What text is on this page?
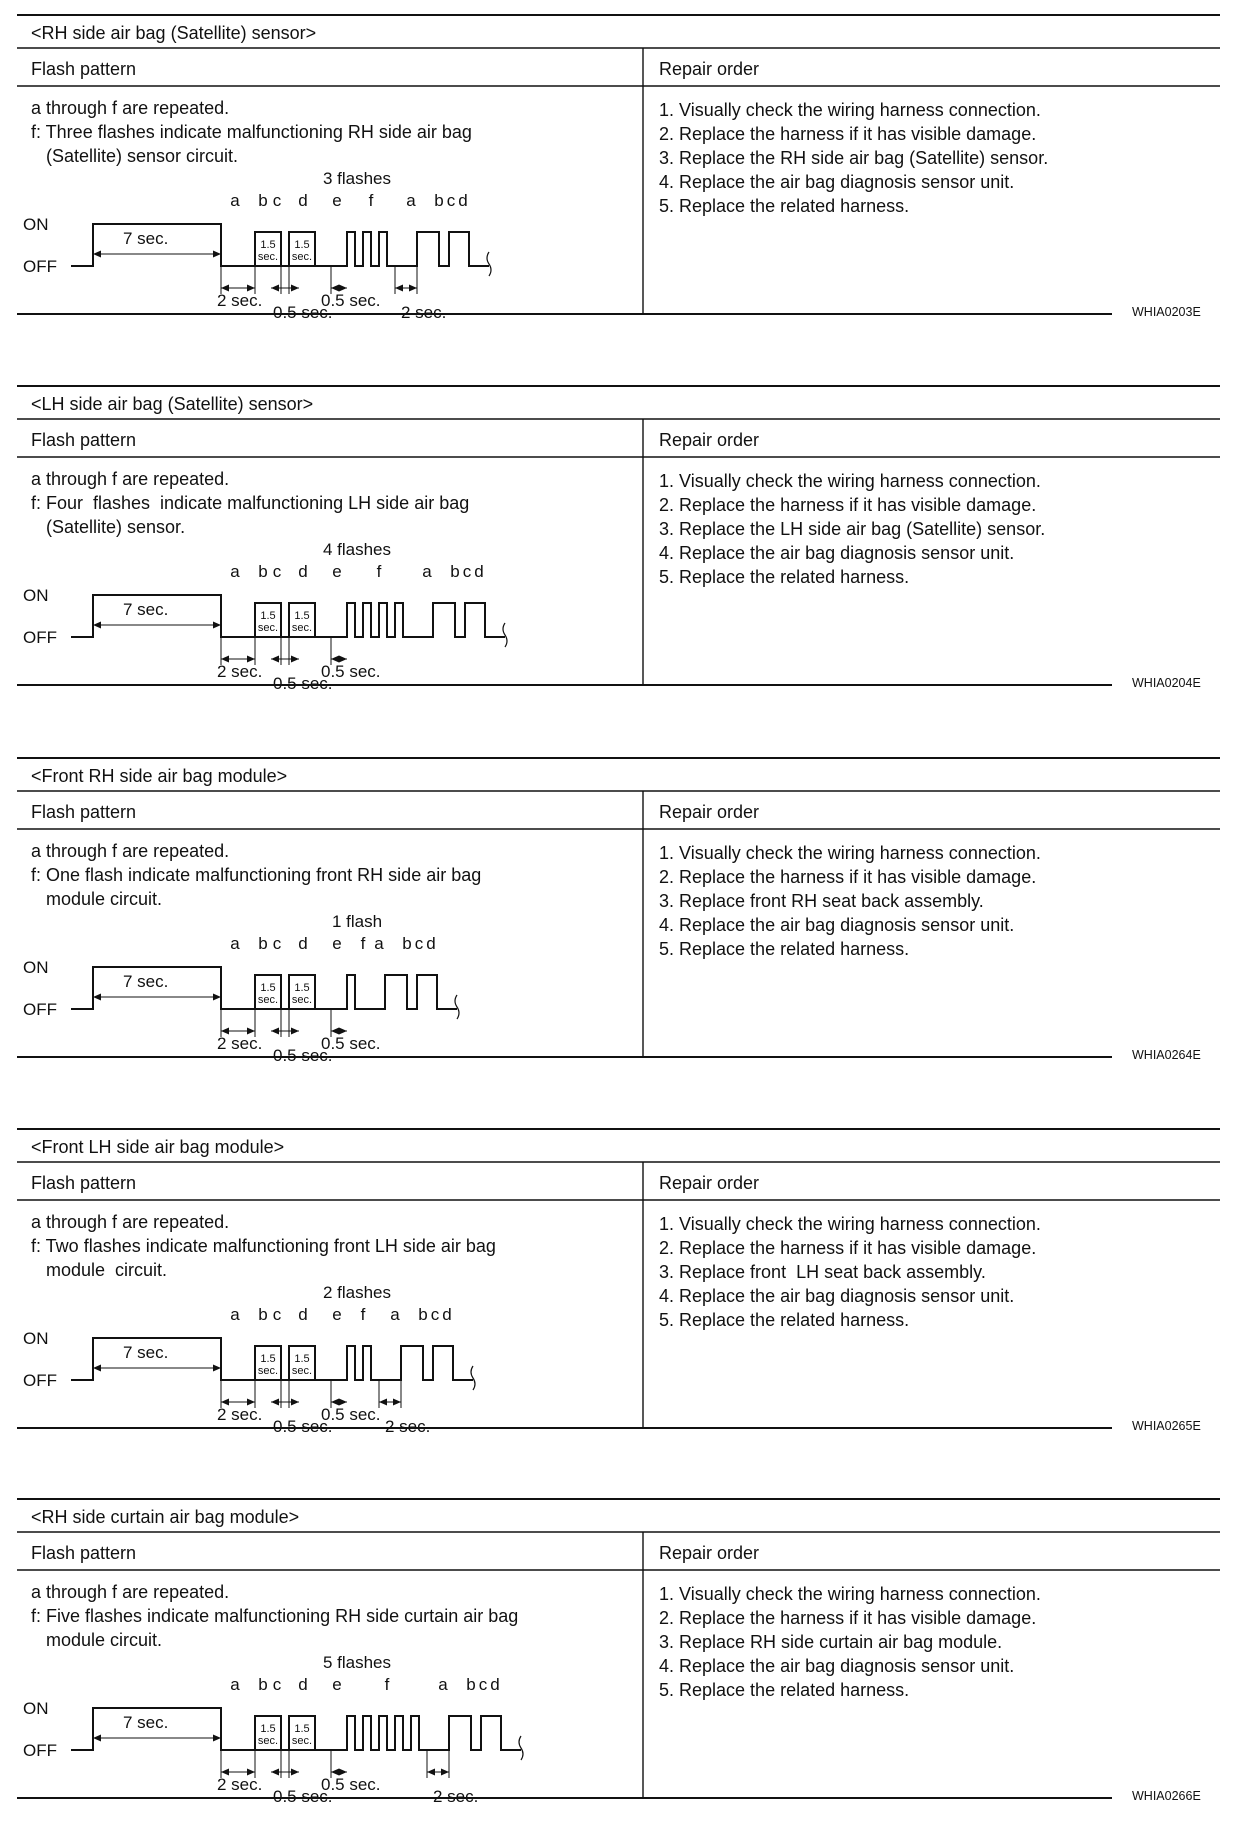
ON
OFF
1.5
sec.
1.5
sec.
3 flashes
a b c d e f a b c d
7 sec.
2 sec.
0.5 sec.
0.5 sec.
2 sec.
<RH side air bag (Satellite) sensor>
Flash pattern	Repair order
a through f are repeated.
f: Three flashes indicate malfunctioning RH side air bag
(Satellite) sensor circuit.
1. Visually check the wiring harness connection.
2. Replace the harness if it has visible damage.
3. Replace the RH side air bag (Satellite) sensor.
4. Replace the air bag diagnosis sensor unit.
5. Replace the related harness.
WHIA0203E
ON
OFF
1.5
sec.
1.5
sec.
4 flashes
a b c d e f a b c d
7 sec.
2 sec.
0.5 sec.
0.5 sec.
<LH side air bag (Satellite) sensor>
Flash pattern	Repair order
a through f are repeated.
f: Four  flashes  indicate malfunctioning LH side air bag
(Satellite) sensor.
1. Visually check the wiring harness connection.
2. Replace the harness if it has visible damage.
3. Replace the LH side air bag (Satellite) sensor.
4. Replace the air bag diagnosis sensor unit.
5. Replace the related harness.
WHIA0204E
ON
OFF
1.5
sec.
1.5
sec.
1 flash
a b c d e f a b c d
7 sec.
2 sec.
0.5 sec.
0.5 sec.
<Front RH side air bag module>
Flash pattern	Repair order
a through f are repeated.
f: One flash indicate malfunctioning front RH side air bag
module circuit.
1. Visually check the wiring harness connection.
2. Replace the harness if it has visible damage.
3. Replace front RH seat back assembly.
4. Replace the air bag diagnosis sensor unit.
5. Replace the related harness.
WHIA0264E
ON
OFF
1.5
sec.
1.5
sec.
2 flashes
a b c d e f a b c d
7 sec.
2 sec.
0.5 sec.
0.5 sec.
2 sec.
<Front LH side air bag module>
Flash pattern	Repair order
a through f are repeated.
f: Two flashes indicate malfunctioning front LH side air bag
module  circuit.
1. Visually check the wiring harness connection.
2. Replace the harness if it has visible damage.
3. Replace front  LH seat back assembly.
4. Replace the air bag diagnosis sensor unit.
5. Replace the related harness.
WHIA0265E
ON
OFF
1.5
sec.
1.5
sec.
5 flashes
a b c d e	f	a b c d
7 sec.
2 sec.
0.5 sec.
0.5 sec.
2 sec.
<RH side curtain air bag module>
Flash pattern	Repair order
a through f are repeated.
f: Five flashes indicate malfunctioning RH side curtain air bag
module circuit.
1. Visually check the wiring harness connection.
2. Replace the harness if it has visible damage.
3. Replace RH side curtain air bag module.
4. Replace the air bag diagnosis sensor unit.
5. Replace the related harness.
WHIA0266E
